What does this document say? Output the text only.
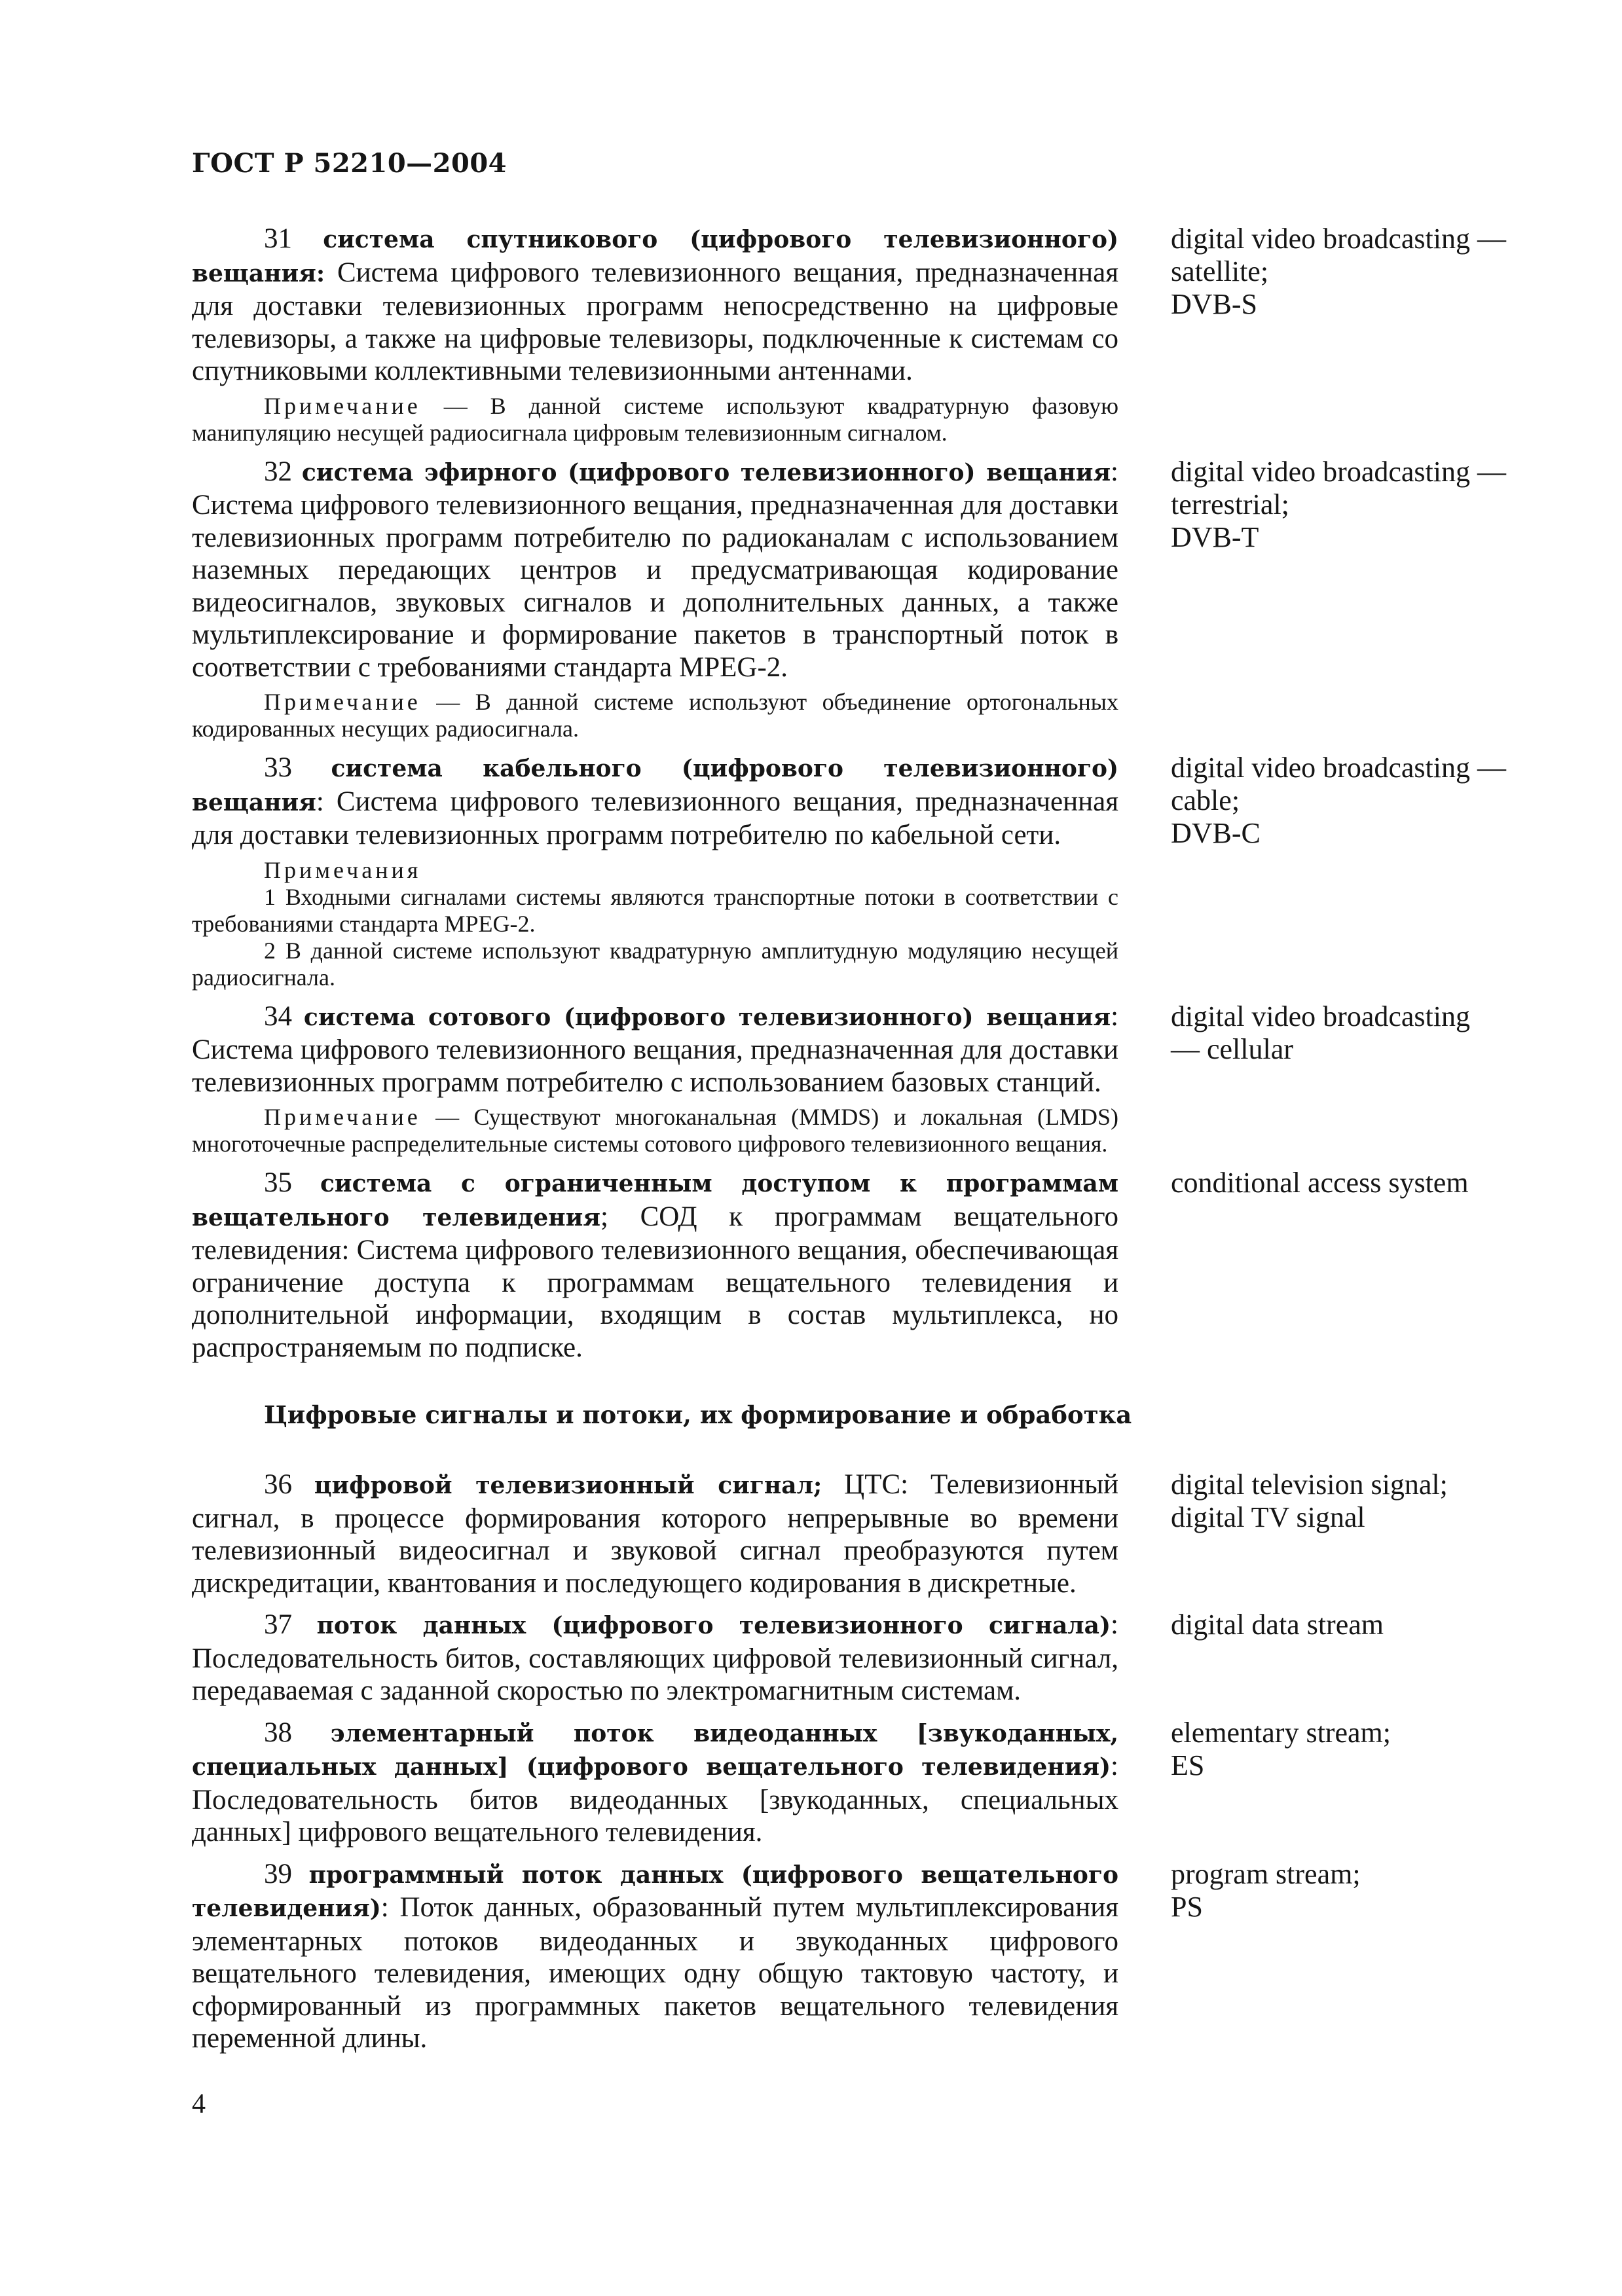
ГОСТ Р 52210—2004

31 система спутникового (цифрового телевизионного) вещания: Система цифрового телевизионного вещания, предназначенная для доставки телевизионных программ непосредственно на цифровые телевизоры, а также на цифровые телевизоры, подключенные к системам со спутниковыми коллективными телевизионными антеннами.

Примечание — В данной системе используют квадратурную фазовую манипуляцию несущей радиосигнала цифровым телевизионным сигналом.

digital video broadcasting —
satellite;
DVB-S

32 система эфирного (цифрового телевизионного) вещания: Система цифрового телевизионного вещания, предназначенная для доставки телевизионных программ потребителю по радиоканалам с использованием наземных передающих центров и предусматривающая кодирование видеосигналов, звуковых сигналов и дополнительных данных, а также мультиплексирование и формирование пакетов в транспортный поток в соответствии с требованиями стандарта MPEG-2.

Примечание — В данной системе используют объединение ортогональных кодированных несущих радиосигнала.

digital video broadcasting —
terrestrial;
DVB-T

33 система кабельного (цифрового телевизионного) вещания: Система цифрового телевизионного вещания, предназначенная для доставки телевизионных программ потребителю по кабельной сети.

Примечания

1 Входными сигналами системы являются транспортные потоки в соответствии с требованиями стандарта MPEG-2.

2 В данной системе используют квадратурную амплитудную модуляцию несущей радиосигнала.

digital video broadcasting —
cable;
DVB-C

34 система сотового (цифрового телевизионного) вещания: Система цифрового телевизионного вещания, предназначенная для доставки телевизионных программ потребителю с использованием базовых станций.

Примечание — Существуют многоканальная (MMDS) и локальная (LMDS) многоточечные распределительные системы сотового цифрового телевизионного вещания.

digital video broadcasting
— cellular

35 система с ограниченным доступом к программам вещательного телевидения; СОД к программам вещательного телевидения: Система цифрового телевизионного вещания, обеспечивающая ограничение доступа к программам вещательного телевидения и дополнительной информации, входящим в состав мультиплекса, но распространяемым по подписке.

conditional access system
Цифровые сигналы и потоки, их формирование и обработка

36 цифровой телевизионный сигнал; ЦТС: Телевизионный сигнал, в процессе формирования которого непрерывные во времени телевизионный видеосигнал и звуковой сигнал преобразуются путем дискредитации, квантования и последующего кодирования в дискретные.

digital television signal;
digital TV signal

37 поток данных (цифрового телевизионного сигнала): Последовательность битов, составляющих цифровой телевизионный сигнал, передаваемая с заданной скоростью по электромагнитным системам.

digital data stream

38 элементарный поток видеоданных [звукоданных, специальных данных] (цифрового вещательного телевидения): Последовательность битов видеоданных [звукоданных, специальных данных] цифрового вещательного телевидения.

elementary stream;
ES

39 программный поток данных (цифрового вещательного телевидения): Поток данных, образованный путем мультиплексирования элементарных потоков видеоданных и звукоданных цифрового вещательного телевидения, имеющих одну общую тактовую частоту, и сформированный из программных пакетов вещательного телевидения переменной длины.

program stream;
PS
4
